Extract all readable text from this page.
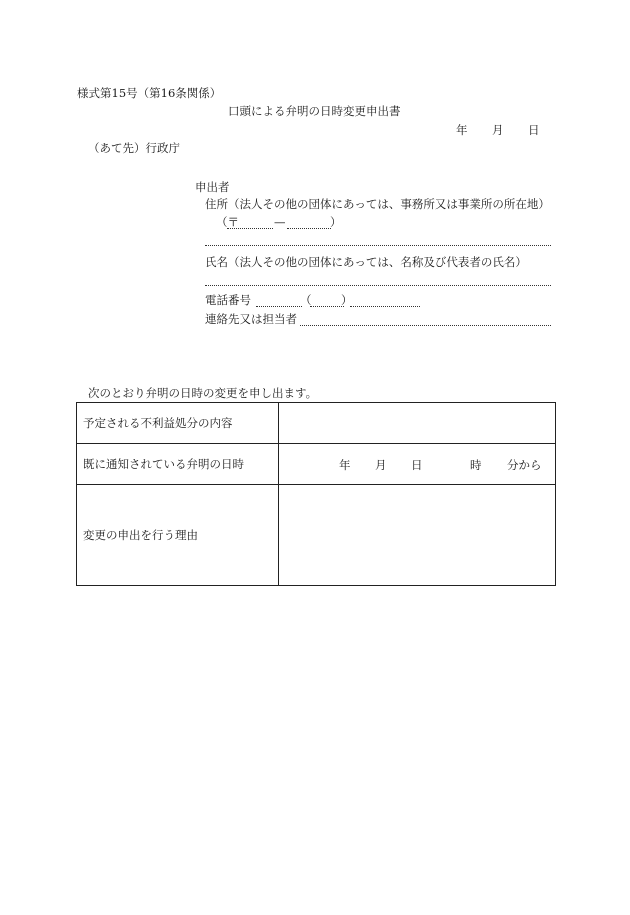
様式第15号（第16条関係）
口頭による弁明の日時変更申出書
年 月 日
（あて先）行政庁
申出者
住所（法人その他の団体にあっては、事務所又は事業所の所在地）
（〒	—	）
氏名（法人その他の団体にあっては、名称及び代表者の氏名）
電話番号	（	）
連絡先又は担当者
次のとおり弁明の日時の変更を申し出ます。
予定される不利益処分の内容	
既に通知されている弁明の日時	年 月 日 時 分から

変更の申出を行う理由	
